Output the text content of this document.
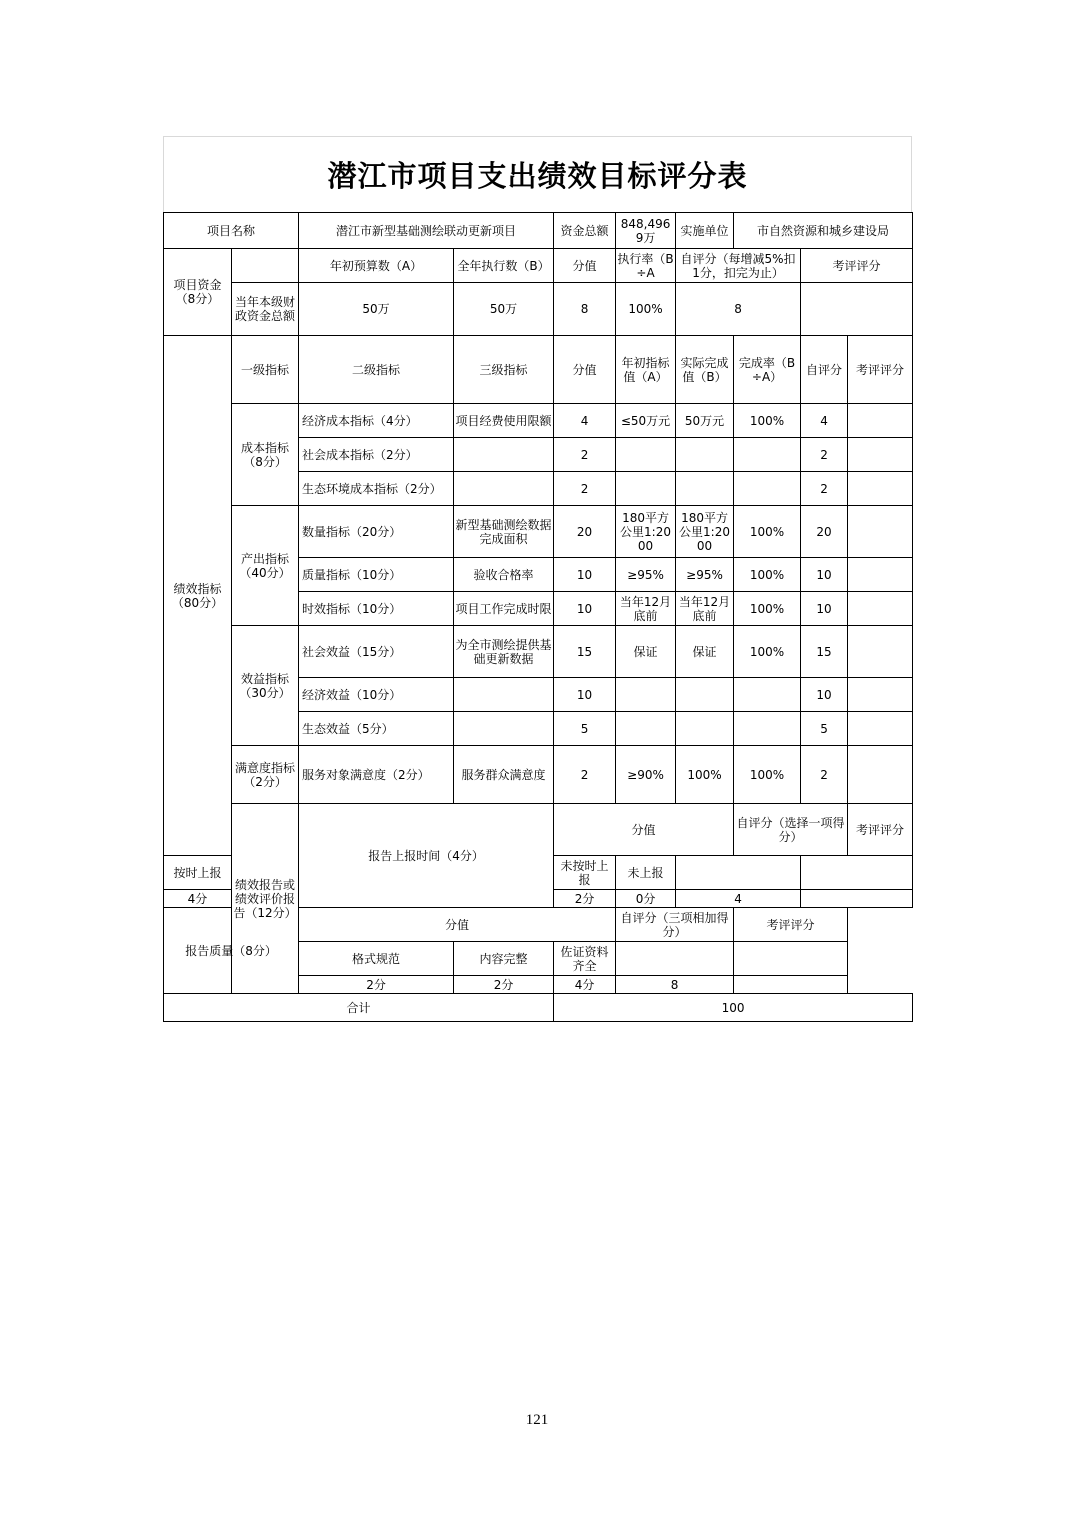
潜江市项目支出绩效目标评分表
项目名称		潜江市新型基础测绘联动更新项目		资金总额	848,4969万	实施单位	市自然资源和城乡建设局			
项目资金（8分）		年初预算数（A）	全年执行数（B）	分值	执行率（B÷A	自评分（每增减5%扣1分，扣完为止）		考评评分		
	当年本级财政资金总额	50万	50万	8	100%	8				
绩效指标（80分）	一级指标	二级指标	三级指标	分值	年初指标值（A）	实际完成 值（B）	完成率（B÷A）	自评分	考评评分	
	成本指标（8分）	经济成本指标（4分）	项目经费使用限额	4	≤50万元	50万元	100%	4		
		社会成本指标（2分）		2				2		
		生态环境成本指标（2分）		2				2		
	产出指标（40分）	数量指标（20分）	新型基础测绘数据完成面积	20	180平方公里1:2000	180平方公里1:2000	100%	20		
		质量指标（10分）	验收合格率	10	≥95%	≥95%	100%	10		
		时效指标（10分）	项目工作完成时限	10	当年12月底前	当年12月底前	100%	10		
	效益指标（30分）	社会效益（15分）	为全市测绘提供基础更新数据	15	保证	保证	100%	15		
		经济效益（10分）		10				10		
		生态效益（5分）		5				5		
	满意度指标（2分）	服务对象满意度（2分）	服务群众满意度	2	≥90%	100%	100%	2		
	绩效报告或绩效评价报告（12分）	报告上报时间（4分）		分值			自评分（选择一项得分）		考评评分	
按时上报				未按时上报	未上报					
4分				2分	0分	4				
报告质量（8分）		分值			自评分（三项相加得分）		考评评分			
		格式规范	内容完整	佐证资料齐全						
		2分	2分	4分	8					
合计				100						
121
